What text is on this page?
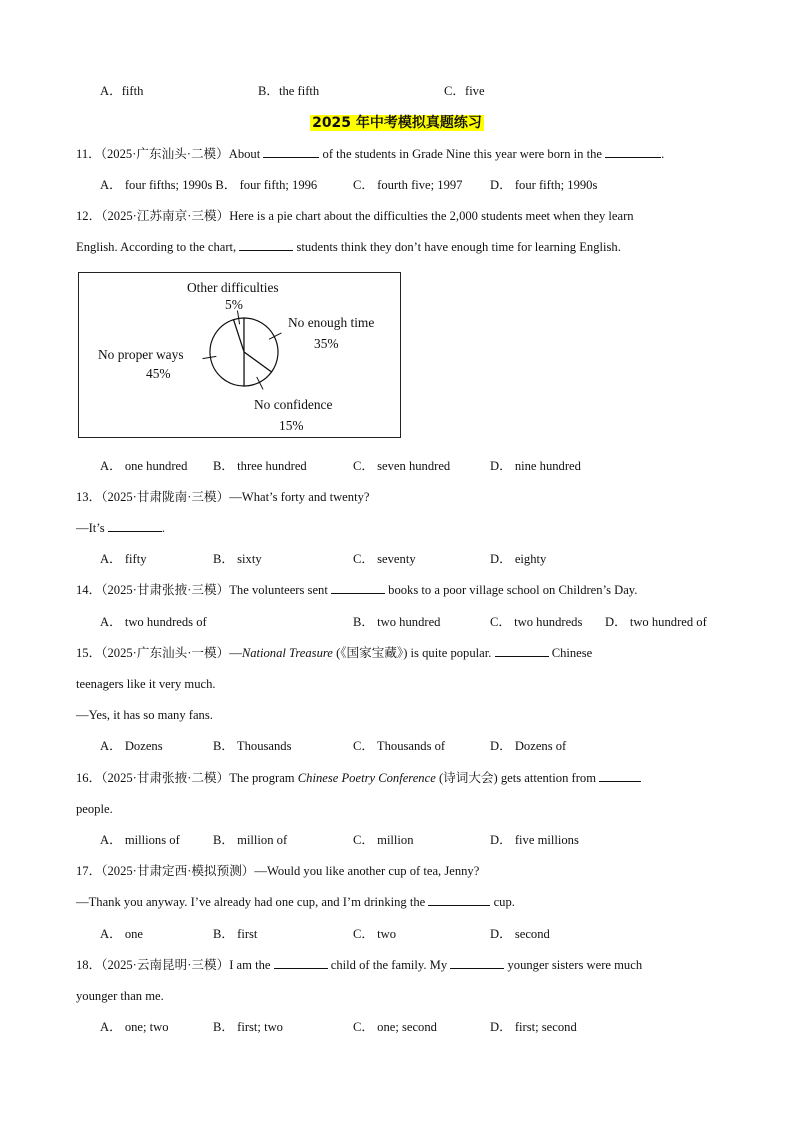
A．fifth	B．the fifth	C．five
2025 年中考模拟真题练习
11．（2025·广东汕头·二模）About	of the students in Grade Nine this year were born in the	.
A． four fifths; 1990s B． four fifth; 1996	C． fourth five; 1997 D． four fifth; 1990s
12．（2025·江苏南京·三模）Here is a pie chart about the difficulties the 2,000 students meet when they learn
English. According to the chart,	students think they don’t have enough time for learning English.
Other difficulties
5%
No enough time
35%
No confidence
15%
No proper ways
45%
A． one hundred B． three hundred	C． seven hundred	D． nine hundred
13．（2025·甘肃陇南·三模）—What’s forty and twenty?
—It’s	.
A． fifty	B． sixty	C． seventy	D． eighty
14．（2025·甘肃张掖·三模）The volunteers sent	books to a poor village school on Children’s Day.
A． two hundreds of	B． two hundred	C． two hundreds D． two hundred of
15．（2025·广东汕头·一模）—National Treasure (《国家宝藏》) is quite popular.	Chinese
teenagers like it very much.
—Yes, it has so many fans.
A． Dozens	B． Thousands	C． Thousands of	D． Dozens of
16．（2025·甘肃张掖·二模）The program Chinese Poetry Conference (诗词大会) gets attention from
people.
A． millions of	B． million of	C． million	D． five millions
17．（2025·甘肃定西·模拟预测）—Would you like another cup of tea, Jenny?
—Thank you anyway. I’ve already had one cup, and I’m drinking the	cup.
A． one	B． first	C． two	D． second
18．（2025·云南昆明·三模）I am the	child of the family. My	younger sisters were much
younger than me.
A． one; two	B． first; two	C． one; second	D． first; second
